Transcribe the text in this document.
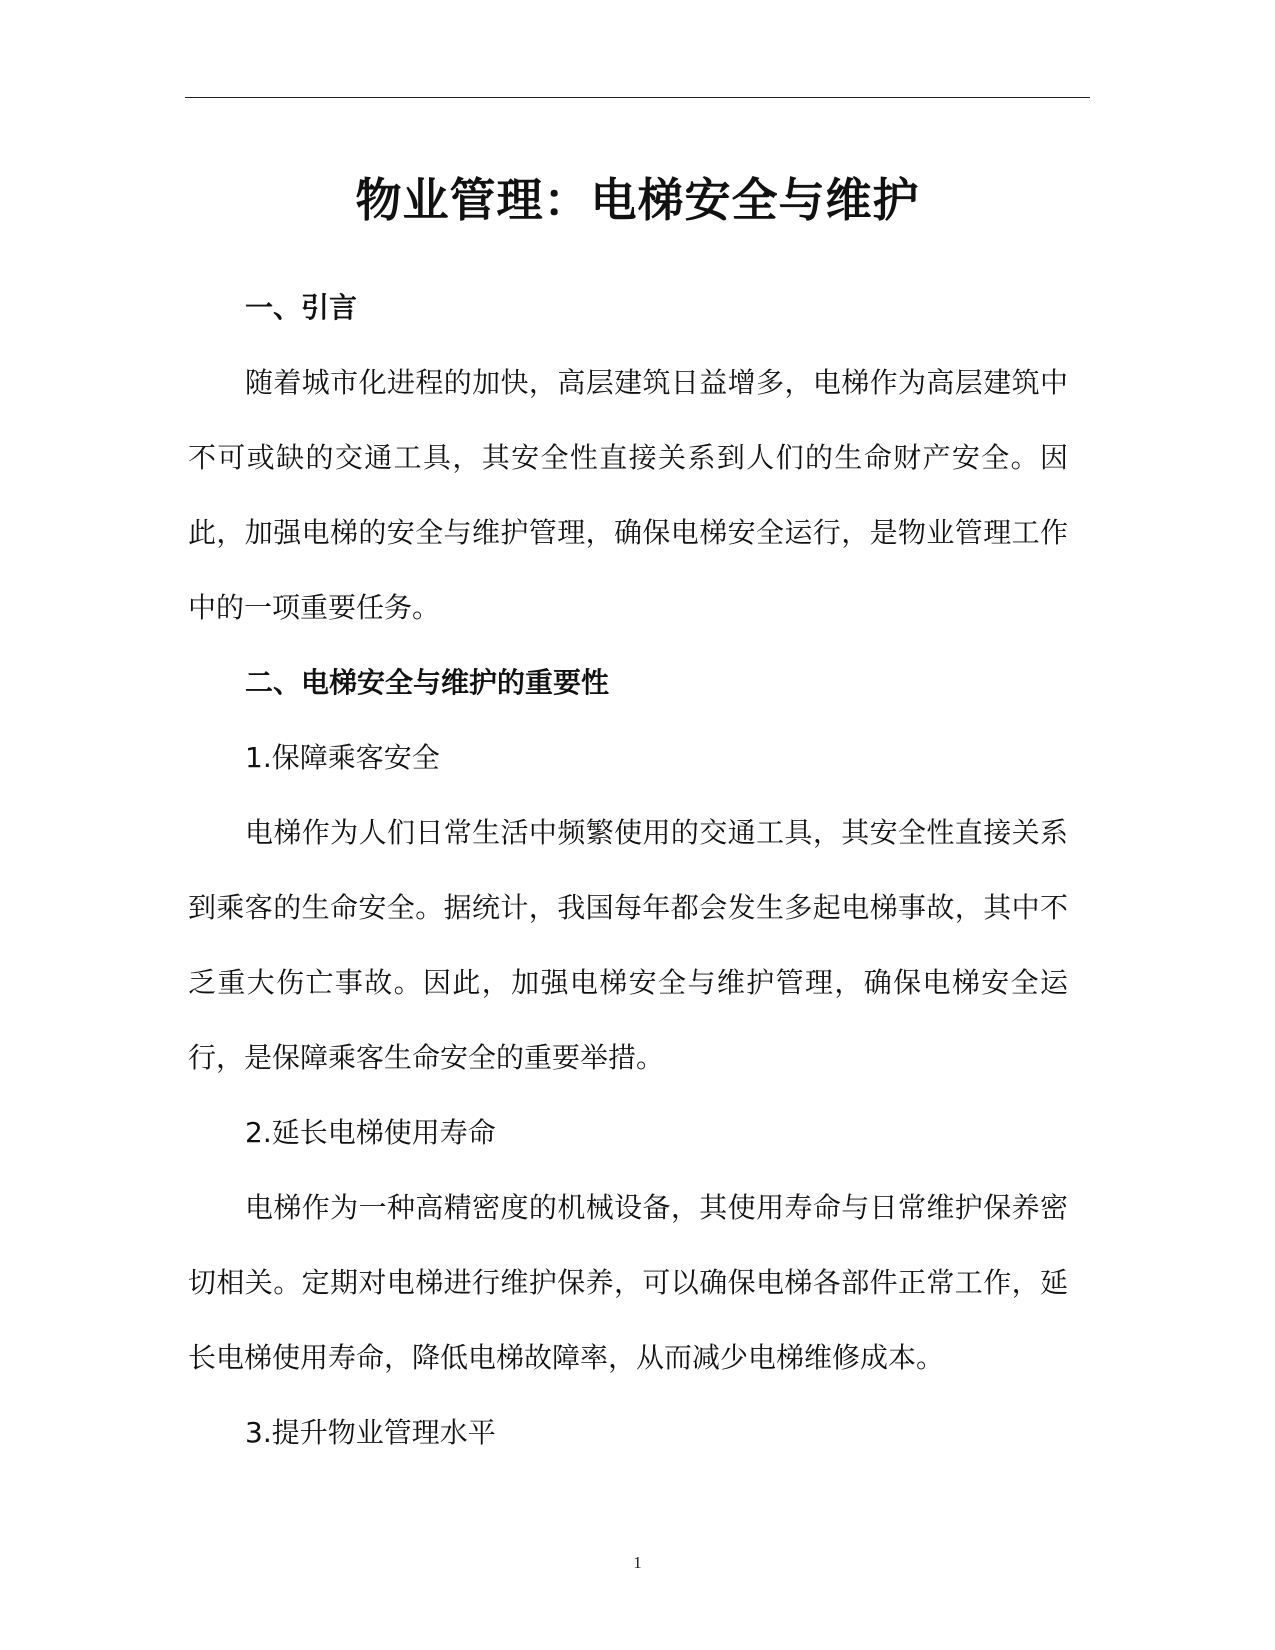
物业管理：电梯安全与维护
一、引言

随着城市化进程的加快，高层建筑日益增多，电梯作为高层建筑中不可或缺的交通工具，其安全性直接关系到人们的生命财产安全。因此，加强电梯的安全与维护管理，确保电梯安全运行，是物业管理工作中的一项重要任务。

二、电梯安全与维护的重要性
1.保障乘客安全

电梯作为人们日常生活中频繁使用的交通工具，其安全性直接关系到乘客的生命安全。据统计，我国每年都会发生多起电梯事故，其中不乏重大伤亡事故。因此，加强电梯安全与维护管理，确保电梯安全运行，是保障乘客生命安全的重要举措。

2.延长电梯使用寿命

电梯作为一种高精密度的机械设备，其使用寿命与日常维护保养密切相关。定期对电梯进行维护保养，可以确保电梯各部件正常工作，延长电梯使用寿命，降低电梯故障率，从而减少电梯维修成本。

3.提升物业管理水平
1
